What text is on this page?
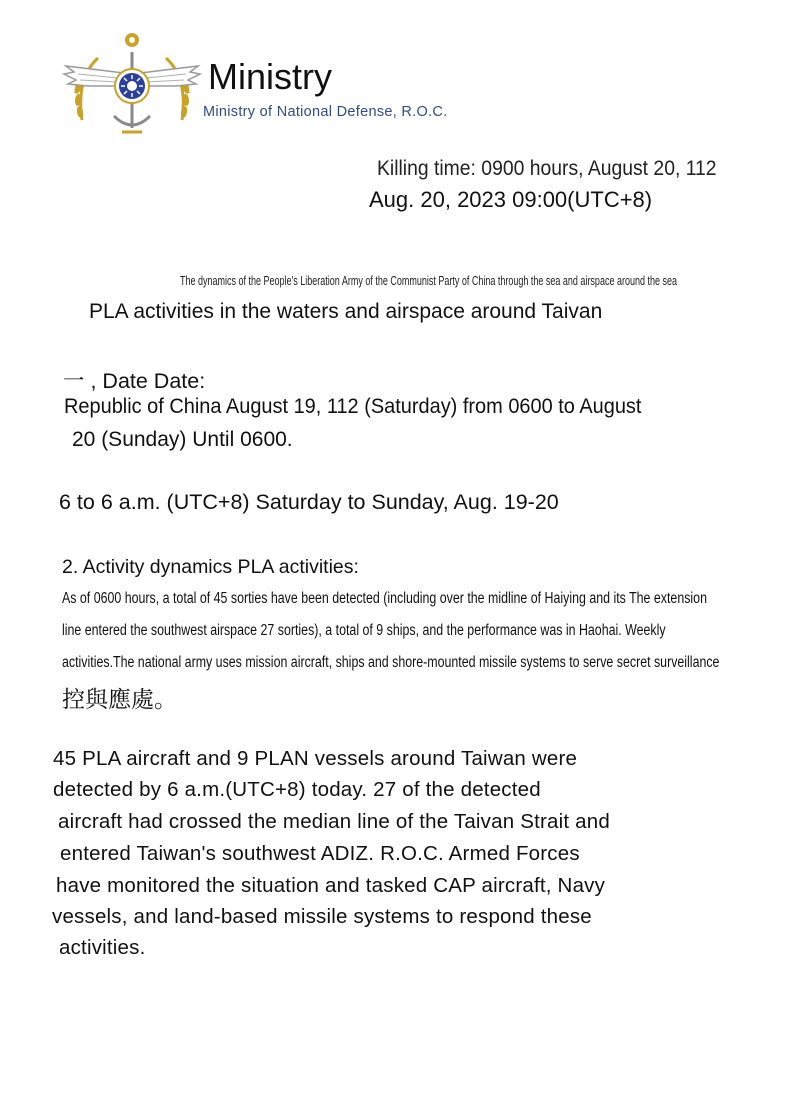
Ministry
Ministry of National Defense, R.O.C.
Killing time: 0900 hours, August 20, 112
Aug. 20, 2023 09:00(UTC+8)
The dynamics of the People's Liberation Army of the Communist Party of China through the sea and airspace around the sea
PLA activities in the waters and airspace around Taivan
一 , Date Date:
Republic of China August 19, 112 (Saturday) from 0600 to August
20 (Sunday) Until 0600.
6 to 6 a.m. (UTC+8) Saturday to Sunday, Aug. 19-20
2. Activity dynamics PLA activities:
As of 0600 hours, a total of 45 sorties have been detected (including over the midline of Haiying and its The extension
line entered the southwest airspace 27 sorties), a total of 9 ships, and the performance was in Haohai. Weekly
activities.The national army uses mission aircraft, ships and shore-mounted missile systems to serve secret surveillance
控與應處。
45 PLA aircraft and 9 PLAN vessels around Taiwan were
detected by 6 a.m.(UTC+8) today. 27 of the detected
aircraft had crossed the median line of the Taivan Strait and
entered Taiwan's southwest ADIZ. R.O.C. Armed Forces
have monitored the situation and tasked CAP aircraft, Navy
vessels, and land-based missile systems to respond these
activities.
